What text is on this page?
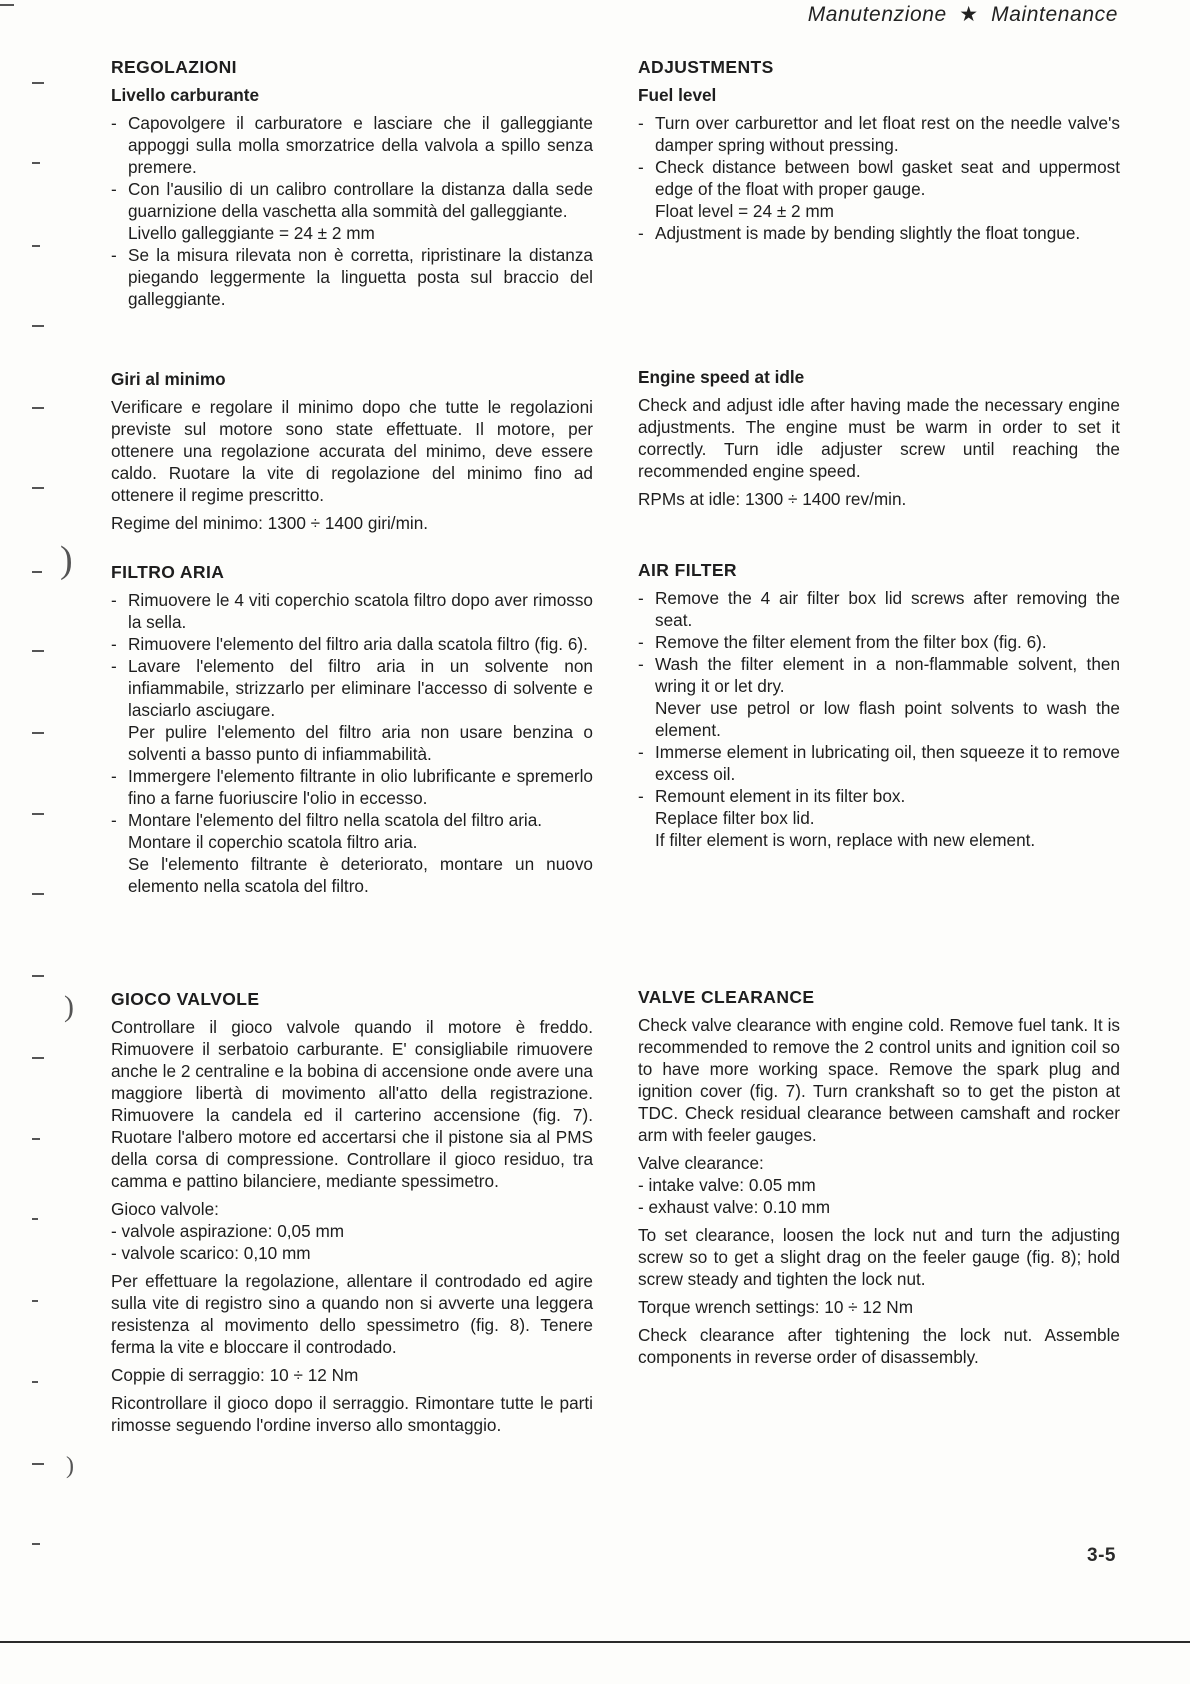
Manutenzione ★ Maintenance
REGOLAZIONI
Livello carburante
- Capovolgere il carburatore e lasciare che il galleggiante appoggi sulla molla smorzatrice della valvola a spillo senza premere.
- Con l'ausilio di un calibro controllare la distanza dalla sede guarnizione della vaschetta alla sommità del galleggiante.
Livello galleggiante = 24 ± 2 mm
- Se la misura rilevata non è corretta, ripristinare la distanza piegando leggermente la linguetta posta sul braccio del galleggiante.
Giri al minimo
Verificare e regolare il minimo dopo che tutte le regolazioni previste sul motore sono state effettuate. Il motore, per ottenere una regolazione accurata del minimo, deve essere caldo. Ruotare la vite di regolazione del minimo fino ad ottenere il regime prescritto.
Regime del minimo: 1300 ÷ 1400 giri/min.
FILTRO ARIA
- Rimuovere le 4 viti coperchio scatola filtro dopo aver rimosso la sella.
- Rimuovere l'elemento del filtro aria dalla scatola filtro (fig. 6).
- Lavare l'elemento del filtro aria in un solvente non infiammabile, strizzarlo per eliminare l'accesso di solvente e lasciarlo asciugare.
Per pulire l'elemento del filtro aria non usare benzina o solventi a basso punto di infiammabilità.
- Immergere l'elemento filtrante in olio lubrificante e spremerlo fino a farne fuoriuscire l'olio in eccesso.
- Montare l'elemento del filtro nella scatola del filtro aria.
Montare il coperchio scatola filtro aria.
Se l'elemento filtrante è deteriorato, montare un nuovo elemento nella scatola del filtro.
GIOCO VALVOLE
Controllare il gioco valvole quando il motore è freddo. Rimuovere il serbatoio carburante. E' consigliabile rimuovere anche le 2 centraline e la bobina di accensione onde avere una maggiore libertà di movimento all'atto della registrazione. Rimuovere la candela ed il carterino accensione (fig. 7). Ruotare l'albero motore ed accertarsi che il pistone sia al PMS della corsa di compressione. Controllare il gioco residuo, tra camma e pattino bilanciere, mediante spessimetro.
Gioco valvole:
- valvole aspirazione: 0,05 mm
- valvole scarico: 0,10 mm
Per effettuare la regolazione, allentare il controdado ed agire sulla vite di registro sino a quando non si avverte una leggera resistenza al movimento dello spessimetro (fig. 8). Tenere ferma la vite e bloccare il controdado.
Coppie di serraggio: 10 ÷ 12 Nm
Ricontrollare il gioco dopo il serraggio. Rimontare tutte le parti rimosse seguendo l'ordine inverso allo smontaggio.
ADJUSTMENTS
Fuel level
- Turn over carburettor and let float rest on the needle valve's damper spring without pressing.
- Check distance between bowl gasket seat and uppermost edge of the float with proper gauge.
Float level = 24 ± 2 mm
- Adjustment is made by bending slightly the float tongue.
Engine speed at idle
Check and adjust idle after having made the necessary engine adjustments. The engine must be warm in order to set it correctly. Turn idle adjuster screw until reaching the recommended engine speed.
RPMs at idle: 1300 ÷ 1400 rev/min.
AIR FILTER
- Remove the 4 air filter box lid screws after removing the seat.
- Remove the filter element from the filter box (fig. 6).
- Wash the filter element in a non-flammable solvent, then wring it or let dry.
Never use petrol or low flash point solvents to wash the element.
- Immerse element in lubricating oil, then squeeze it to remove excess oil.
- Remount element in its filter box.
Replace filter box lid.
If filter element is worn, replace with new element.
VALVE CLEARANCE
Check valve clearance with engine cold. Remove fuel tank. It is recommended to remove the 2 control units and ignition coil so to have more working space. Remove the spark plug and ignition cover (fig. 7). Turn crankshaft so to get the piston at TDC. Check residual clearance between camshaft and rocker arm with feeler gauges.
Valve clearance:
- intake valve: 0.05 mm
- exhaust valve: 0.10 mm
To set clearance, loosen the lock nut and turn the adjusting screw so to get a slight drag on the feeler gauge (fig. 8); hold screw steady and tighten the lock nut.
Torque wrench settings: 10 ÷ 12 Nm
Check clearance after tightening the lock nut. Assemble components in reverse order of disassembly.
3-5
)
)
)
